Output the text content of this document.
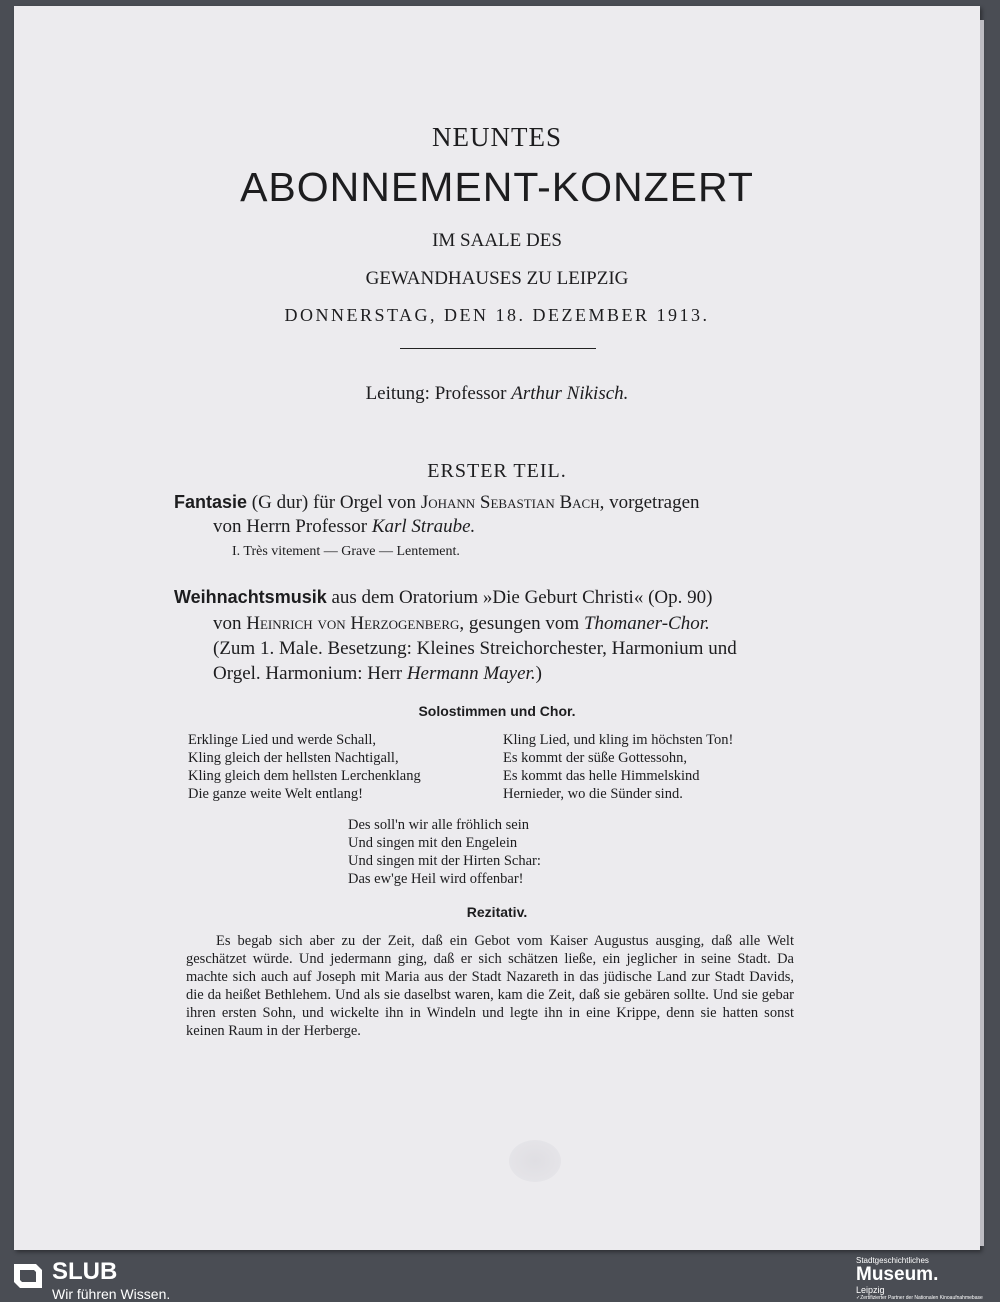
NEUNTES
ABONNEMENT-KONZERT
IM SAALE DES
GEWANDHAUSES ZU LEIPZIG
DONNERSTAG, DEN 18. DEZEMBER 1913.
Leitung: Professor Arthur Nikisch.
ERSTER TEIL.
Fantasie (G dur) für Orgel von Johann Sebastian Bach, vorgetragen
von Herrn Professor Karl Straube.
I. Très vitement — Grave — Lentement.
Weihnachtsmusik aus dem Oratorium »Die Geburt Christi« (Op. 90)
von Heinrich von Herzogenberg, gesungen vom Thomaner-Chor.
(Zum 1. Male. Besetzung: Kleines Streichorchester, Harmonium und
Orgel. Harmonium: Herr Hermann Mayer.)
Solostimmen und Chor.
Erklinge Lied und werde Schall,
Kling gleich der hellsten Nachtigall,
Kling gleich dem hellsten Lerchenklang
Die ganze weite Welt entlang!
Kling Lied, und kling im höchsten Ton!
Es kommt der süße Gottessohn,
Es kommt das helle Himmelskind
Hernieder, wo die Sünder sind.
Des soll'n wir alle fröhlich sein
Und singen mit den Engelein
Und singen mit der Hirten Schar:
Das ew'ge Heil wird offenbar!
Rezitativ.
Es begab sich aber zu der Zeit, daß ein Gebot vom Kaiser Augustus ausging, daß alle Welt geschätzet würde. Und jedermann ging, daß er sich schätzen ließe, ein jeglicher in seine Stadt. Da machte sich auch auf Joseph mit Maria aus der Stadt Nazareth in das jüdische Land zur Stadt Davids, die da heißet Bethlehem. Und als sie daselbst waren, kam die Zeit, daß sie gebären sollte. Und sie gebar ihren ersten Sohn, und wickelte ihn in Windeln und legte ihn in eine Krippe, denn sie hatten sonst keinen Raum in der Herberge.
SLUB
Wir führen Wissen.
Stadtgeschichtliches
Museum.
Leipzig
✓Zertifizierter Partner der Nationalen Kinoaufnahmebase
